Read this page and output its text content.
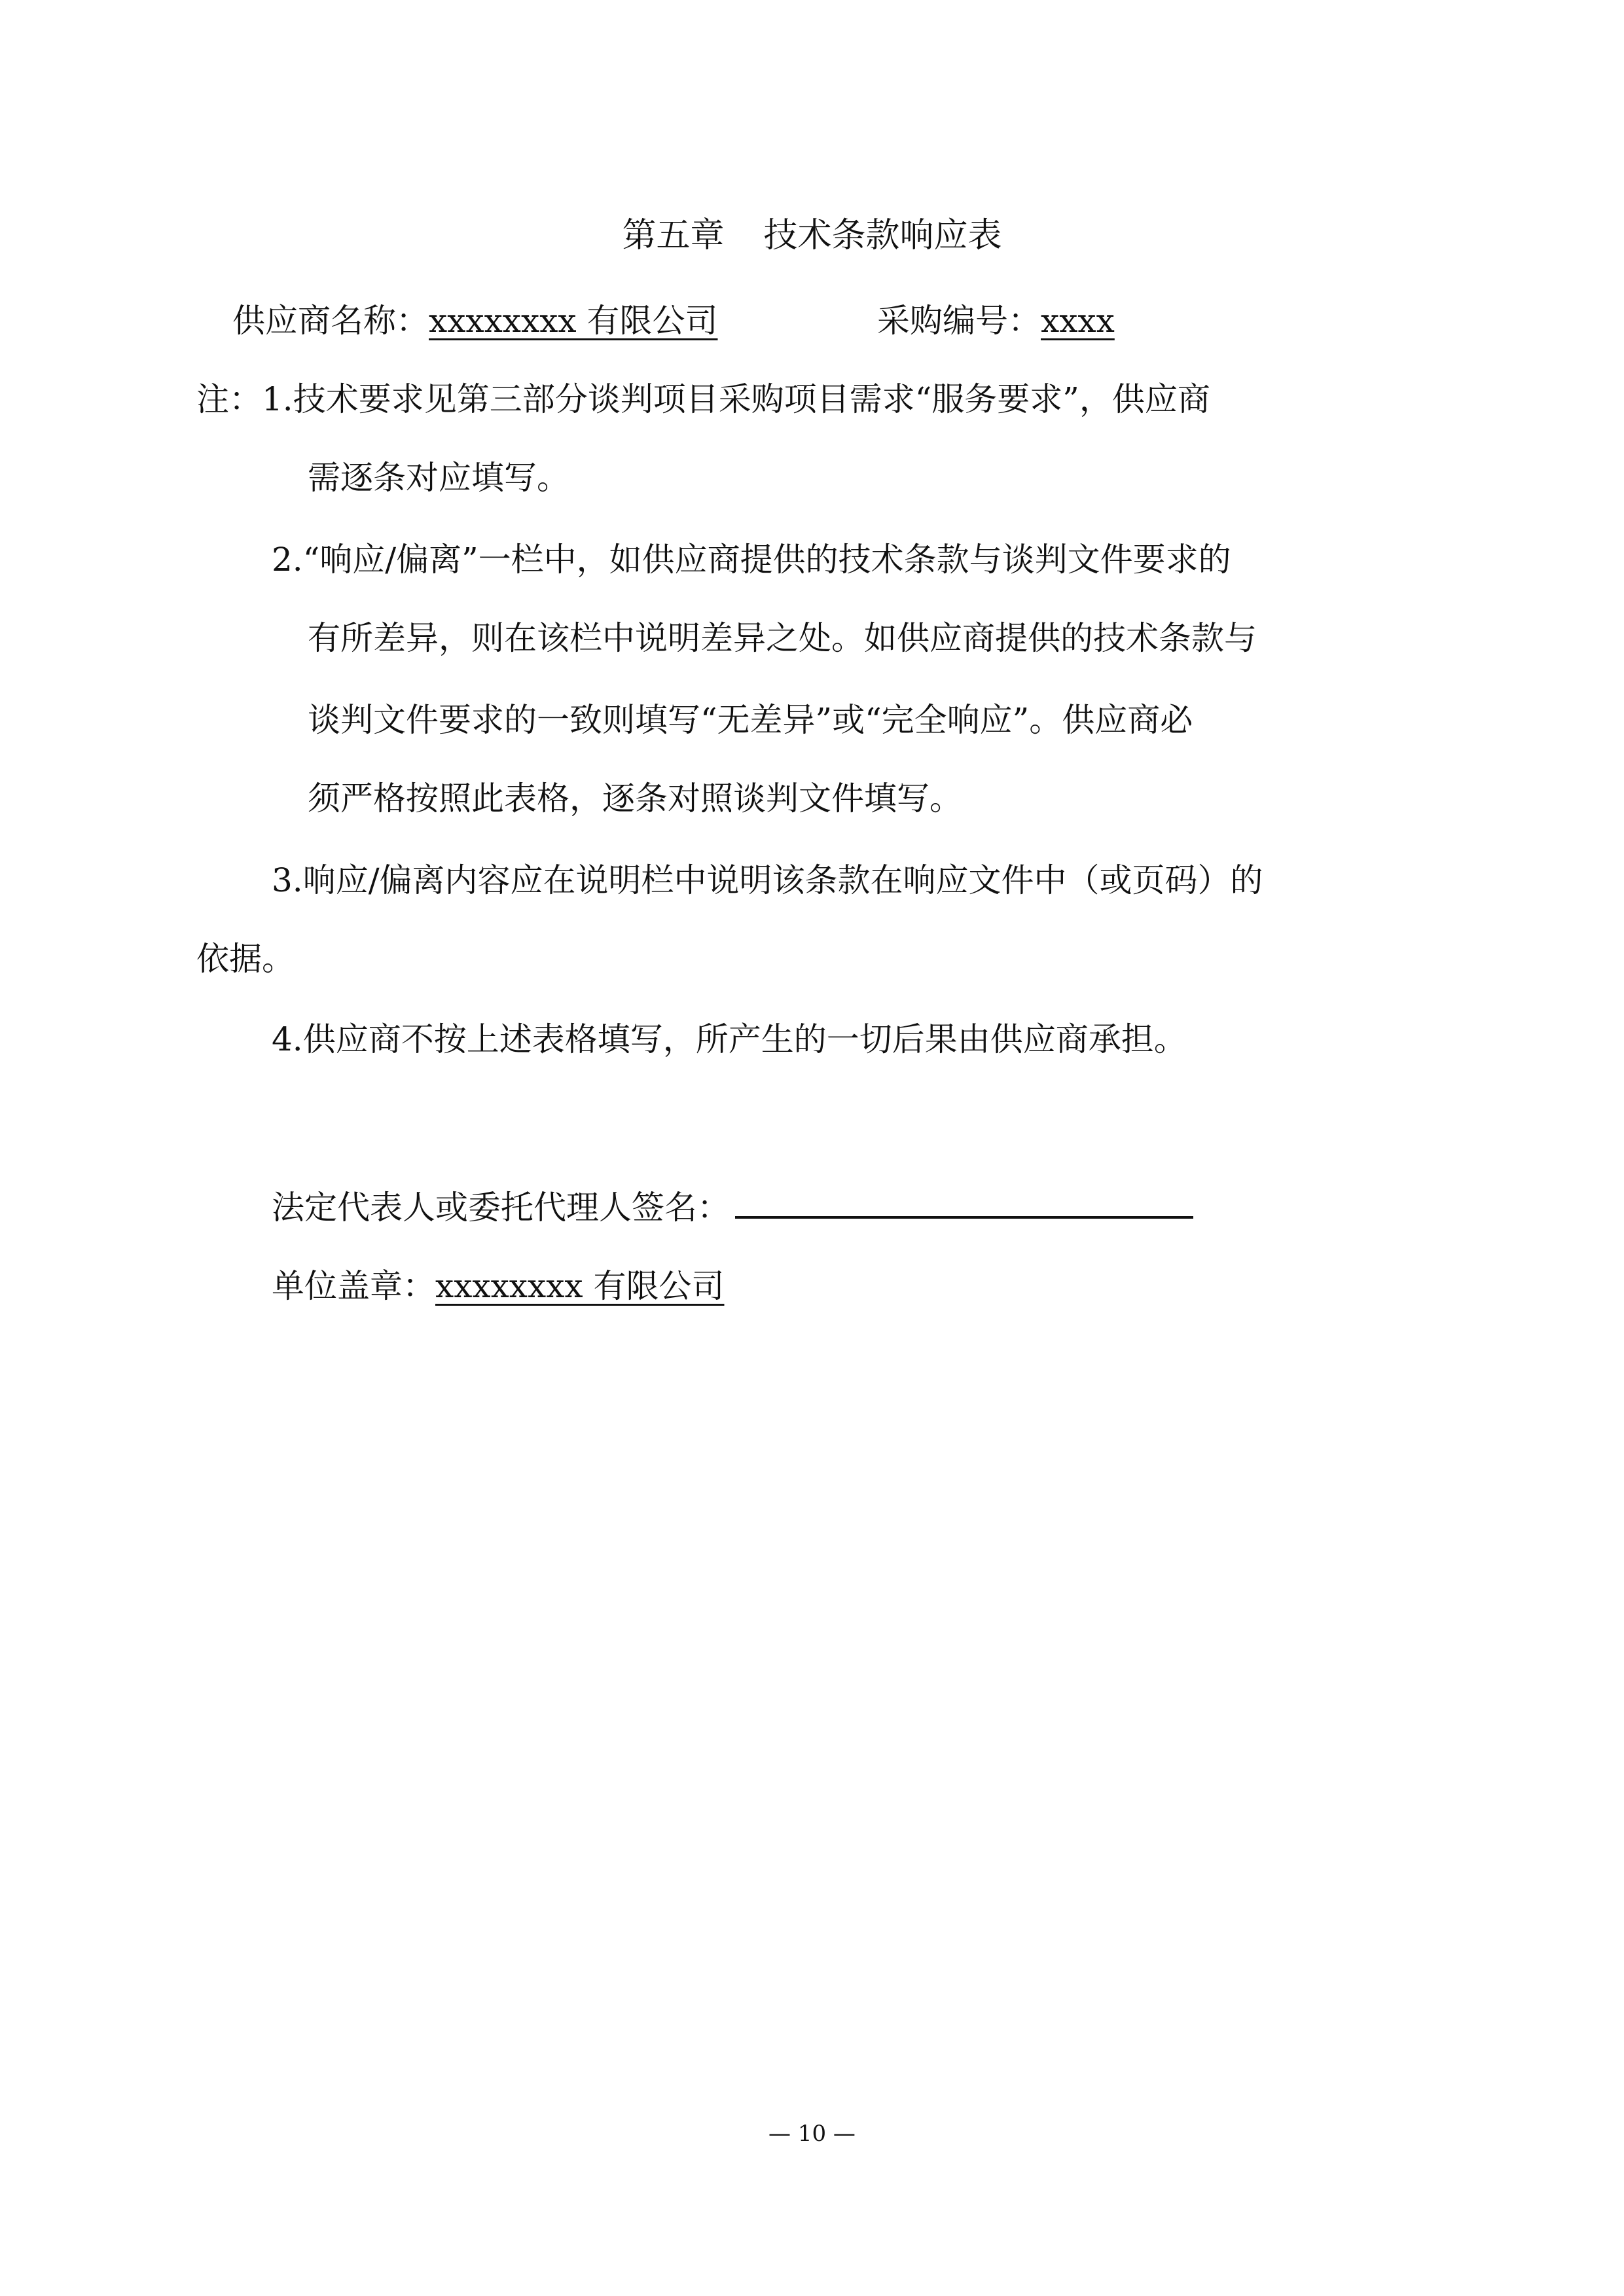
第五章 技术条款响应表
供应商名称：xxxxxxxx 有限公司	采购编号：xxxx
注：1.技术要求见第三部分谈判项目采购项目需求“服务要求”，供应商
需逐条对应填写。
2.“响应/偏离”一栏中，如供应商提供的技术条款与谈判文件要求的
有所差异，则在该栏中说明差异之处。如供应商提供的技术条款与
谈判文件要求的一致则填写“无差异”或“完全响应”。供应商必
须严格按照此表格，逐条对照谈判文件填写。
3.响应/偏离内容应在说明栏中说明该条款在响应文件中（或页码）的
依据。
4.供应商不按上述表格填写，所产生的一切后果由供应商承担。
法定代表人或委托代理人签名：
单位盖章：xxxxxxxx 有限公司
— 10 —
